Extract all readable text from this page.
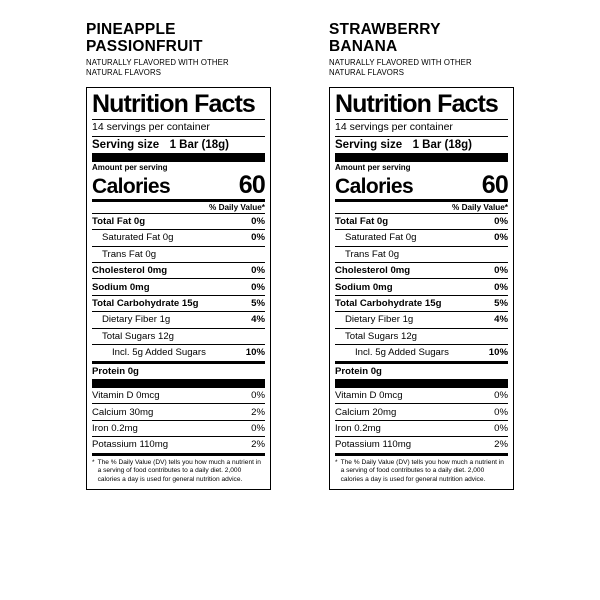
PINEAPPLE
PASSIONFRUIT
NATURALLY FLAVORED WITH OTHER
NATURAL FLAVORS
Nutrition Facts
14 servings per container
Serving size 1 Bar (18g)
Amount per serving
Calories	60
% Daily Value*
Total Fat 0g	0%
Saturated Fat 0g	0%
Trans Fat 0g
Cholesterol 0mg	0%
Sodium 0mg	0%
Total Carbohydrate 15g	5%
Dietary Fiber 1g	4%
Total Sugars 12g
Incl. 5g Added Sugars	10%
Protein 0g
Vitamin D 0mcg	0%
Calcium 30mg	2%
Iron 0.2mg	0%
Potassium 110mg	2%
* The % Daily Value (DV) tells you how much a nutrient in a serving of food contributes to a daily diet. 2,000 calories a day is used for general nutrition advice.
STRAWBERRY
BANANA
NATURALLY FLAVORED WITH OTHER
NATURAL FLAVORS
Nutrition Facts
14 servings per container
Serving size 1 Bar (18g)
Amount per serving
Calories	60
% Daily Value*
Total Fat 0g	0%
Saturated Fat 0g	0%
Trans Fat 0g
Cholesterol 0mg	0%
Sodium 0mg	0%
Total Carbohydrate 15g	5%
Dietary Fiber 1g	4%
Total Sugars 12g
Incl. 5g Added Sugars	10%
Protein 0g
Vitamin D 0mcg	0%
Calcium 20mg	0%
Iron 0.2mg	0%
Potassium 110mg	2%
* The % Daily Value (DV) tells you how much a nutrient in a serving of food contributes to a daily diet. 2,000 calories a day is used for general nutrition advice.
